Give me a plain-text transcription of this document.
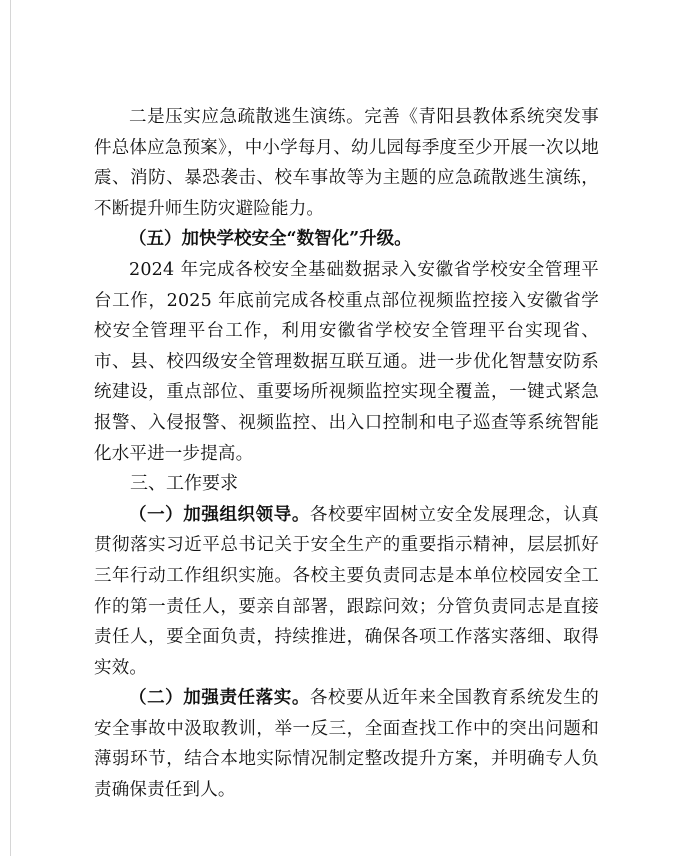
二是压实应急疏散逃生演练。完善《青阳县教体系统突发事件总体应急预案》，中小学每月、幼儿园每季度至少开展一次以地震、消防、暴恐袭击、校车事故等为主题的应急疏散逃生演练，不断提升师生防灾避险能力。

（五）加快学校安全“数智化”升级。

2024 年完成各校安全基础数据录入安徽省学校安全管理平台工作，2025 年底前完成各校重点部位视频监控接入安徽省学校安全管理平台工作，利用安徽省学校安全管理平台实现省、市、县、校四级安全管理数据互联互通。进一步优化智慧安防系统建设，重点部位、重要场所视频监控实现全覆盖，一键式紧急报警、入侵报警、视频监控、出入口控制和电子巡查等系统智能化水平进一步提高。

三、工作要求

（一）加强组织领导。各校要牢固树立安全发展理念，认真贯彻落实习近平总书记关于安全生产的重要指示精神，层层抓好三年行动工作组织实施。各校主要负责同志是本单位校园安全工作的第一责任人，要亲自部署，跟踪问效；分管负责同志是直接责任人，要全面负责，持续推进，确保各项工作落实落细、取得实效。

（二）加强责任落实。各校要从近年来全国教育系统发生的安全事故中汲取教训，举一反三，全面查找工作中的突出问题和薄弱环节，结合本地实际情况制定整改提升方案，并明确专人负责确保责任到人。
